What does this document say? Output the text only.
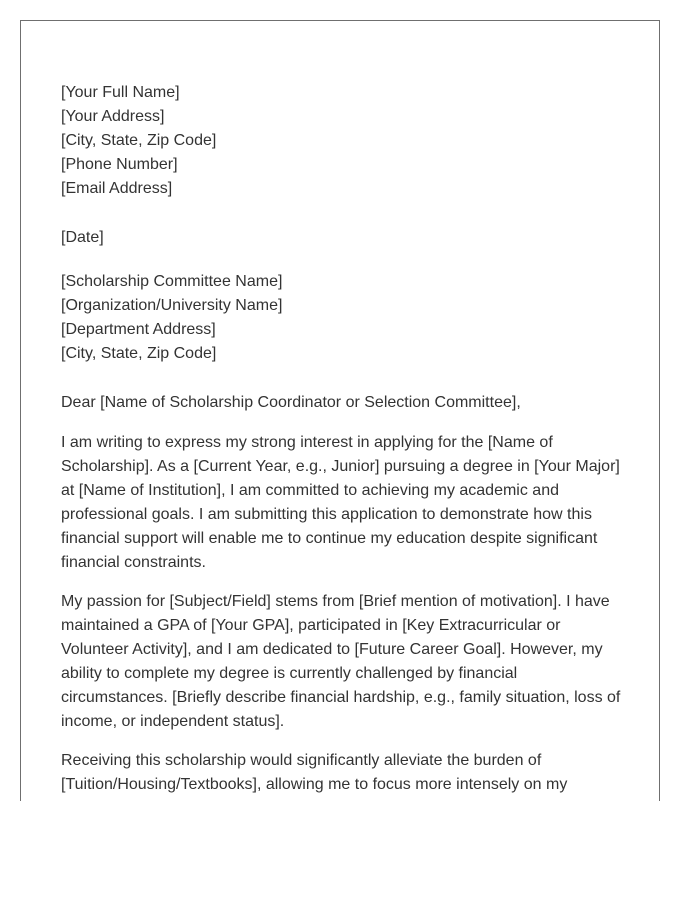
[Your Full Name]
[Your Address]
[City, State, Zip Code]
[Phone Number]
[Email Address]
[Date]
[Scholarship Committee Name]
[Organization/University Name]
[Department Address]
[City, State, Zip Code]
Dear [Name of Scholarship Coordinator or Selection Committee],

I am writing to express my strong interest in applying for the [Name of
Scholarship]. As a [Current Year, e.g., Junior] pursuing a degree in [Your Major]
at [Name of Institution], I am committed to achieving my academic and
professional goals. I am submitting this application to demonstrate how this
financial support will enable me to continue my education despite significant
financial constraints.

My passion for [Subject/Field] stems from [Brief mention of motivation]. I have
maintained a GPA of [Your GPA], participated in [Key Extracurricular or
Volunteer Activity], and I am dedicated to [Future Career Goal]. However, my
ability to complete my degree is currently challenged by financial
circumstances. [Briefly describe financial hardship, e.g., family situation, loss of
income, or independent status].

Receiving this scholarship would significantly alleviate the burden of
[Tuition/Housing/Textbooks], allowing me to focus more intensely on my
